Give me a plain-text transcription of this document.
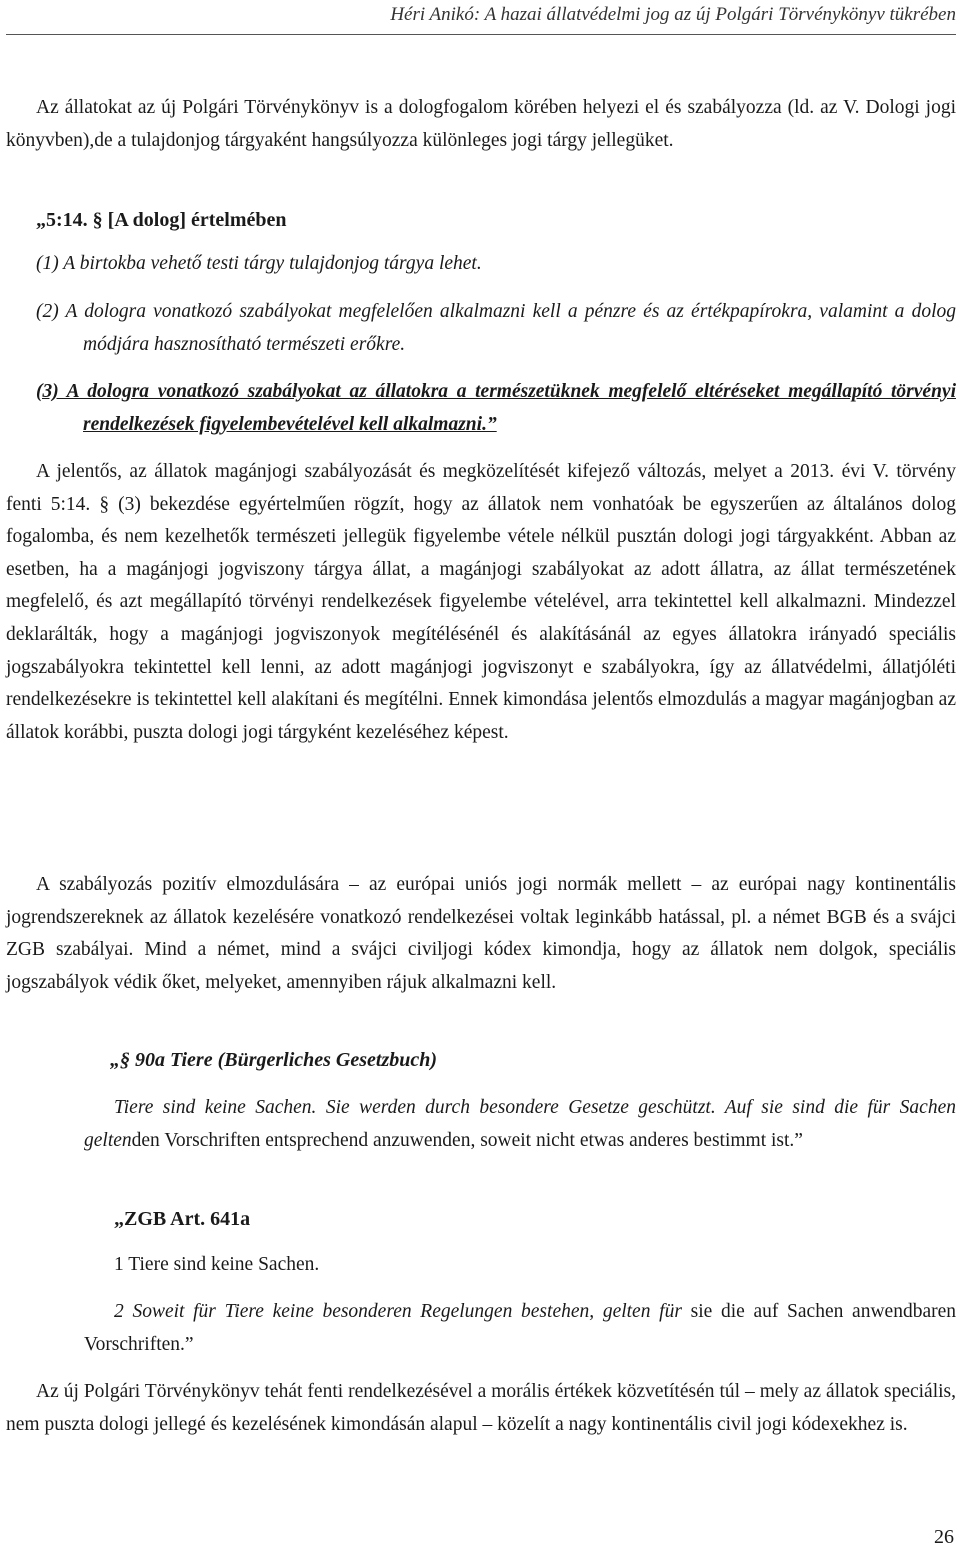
Héri Anikó: A hazai állatvédelmi jog az új Polgári Törvénykönyv tükrében
Az állatokat az új Polgári Törvénykönyv is a dologfogalom körében helyezi el és szabályozza (ld. az V. Dologi jogi könyvben),de a tulajdonjog tárgyaként hangsúlyozza különleges jogi tárgy jellegüket.
„5:14. § [A dolog] értelmében
(1) A birtokba vehető testi tárgy tulajdonjog tárgya lehet.
(2) A dologra vonatkozó szabályokat megfelelően alkalmazni kell a pénzre és az értékpapírokra, valamint a dolog módjára hasznosítható természeti erőkre.
(3) A dologra vonatkozó szabályokat az állatokra a természetüknek megfelelő eltéréseket megállapító törvényi rendelkezések figyelembevételével kell alkalmazni.”
A jelentős, az állatok magánjogi szabályozását és megközelítését kifejező változás, melyet a 2013. évi V. törvény fenti 5:14. § (3) bekezdése egyértelműen rögzít, hogy az állatok nem vonhatóak be egyszerűen az általános dolog fogalomba, és nem kezelhetők természeti jellegük figyelembe vétele nélkül pusztán dologi jogi tárgyakként. Abban az esetben, ha a magánjogi jogviszony tárgya állat, a magánjogi szabályokat az adott állatra, az állat természetének megfelelő, és azt megállapító törvényi rendelkezések figyelembe vételével, arra tekintettel kell alkalmazni. Mindezzel deklarálták, hogy a magánjogi jogviszonyok megítélésénél és alakításánál az egyes állatokra irányadó speciális jogszabályokra tekintettel kell lenni, az adott magánjogi jogviszonyt e szabályokra, így az állatvédelmi, állatjóléti rendelkezésekre is tekintettel kell alakítani és megítélni. Ennek kimondása jelentős elmozdulás a magyar magánjogban az állatok korábbi, puszta dologi jogi tárgyként kezeléséhez képest.
A szabályozás pozitív elmozdulására – az európai uniós jogi normák mellett – az európai nagy kontinentális jogrendszereknek az állatok kezelésére vonatkozó rendelkezései voltak leginkább hatással, pl. a német BGB és a svájci ZGB szabályai. Mind a német, mind a svájci civiljogi kódex kimondja, hogy az állatok nem dolgok, speciális jogszabályok védik őket, melyeket, amennyiben rájuk alkalmazni kell.
„§ 90a Tiere (Bürgerliches Gesetzbuch)
Tiere sind keine Sachen. Sie werden durch besondere Gesetze geschützt. Auf sie sind die für Sachen geltenden Vorschriften entsprechend anzuwenden, soweit nicht etwas anderes bestimmt ist.”
„ZGB Art. 641a
1 Tiere sind keine Sachen.
2 Soweit für Tiere keine besonderen Regelungen bestehen, gelten für sie die auf Sachen anwendbaren Vorschriften.”
Az új Polgári Törvénykönyv tehát fenti rendelkezésével a morális értékek közvetítésén túl – mely az állatok speciális, nem puszta dologi jellegé és kezelésének kimondásán alapul – közelít a nagy kontinentális civil jogi kódexekhez is.
26
